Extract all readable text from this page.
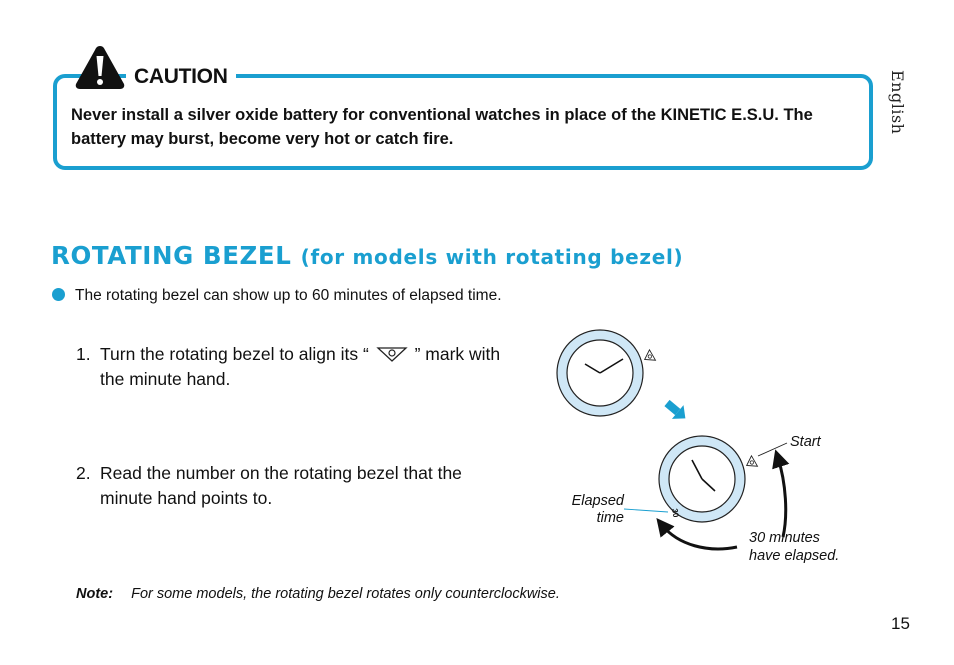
CAUTION
Never install a silver oxide battery for conventional watches in place of the KINETIC E.S.U. The battery may burst, become very hot or catch fire.
English
ROTATING BEZEL (for models with rotating bezel)
The rotating bezel can show up to 60 minutes of elapsed time.
1. Turn the rotating bezel to align its “	” mark with the minute hand.
2. Read the number on the rotating bezel that the minute hand points to.
30
Start
Elapsed
time
30 minutes
have elapsed.
Note: For some models, the rotating bezel rotates only counterclockwise.
15
